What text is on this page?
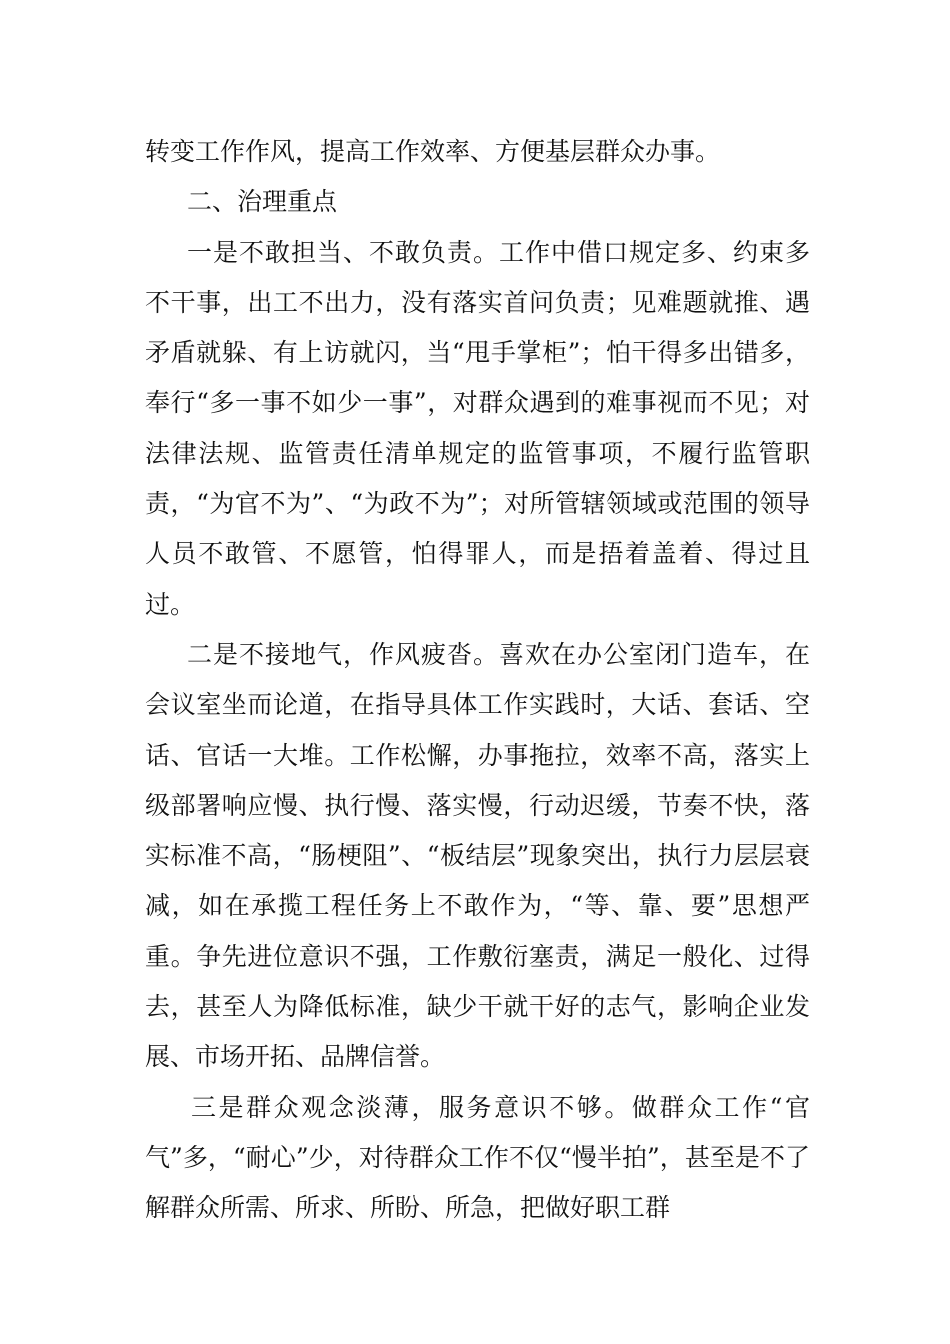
转变工作作风，提高工作效率、方便基层群众办事。

二、治理重点

一是不敢担当、不敢负责。工作中借口规定多、约束多不干事，出工不出力，没有落实首问负责；见难题就推、遇矛盾就躲、有上访就闪，当“甩手掌柜”；怕干得多出错多，奉行“多一事不如少一事”，对群众遇到的难事视而不见；对法律法规、监管责任清单规定的监管事项，不履行监管职责，“为官不为”、“为政不为”；对所管辖领域或范围的领导人员不敢管、不愿管，怕得罪人，而是捂着盖着、得过且过。

二是不接地气，作风疲沓。喜欢在办公室闭门造车，在会议室坐而论道，在指导具体工作实践时，大话、套话、空话、官话一大堆。工作松懈，办事拖拉，效率不高，落实上级部署响应慢、执行慢、落实慢，行动迟缓，节奏不快，落实标准不高，“肠梗阻”、“板结层”现象突出，执行力层层衰减，如在承揽工程任务上不敢作为，“等、靠、要”思想严重。争先进位意识不强，工作敷衍塞责，满足一般化、过得去，甚至人为降低标准，缺少干就干好的志气，影响企业发展、市场开拓、品牌信誉。

三是群众观念淡薄，服务意识不够。做群众工作“官气”多，“耐心”少，对待群众工作不仅“慢半拍”，甚至是不了解群众所需、所求、所盼、所急，把做好职工群
